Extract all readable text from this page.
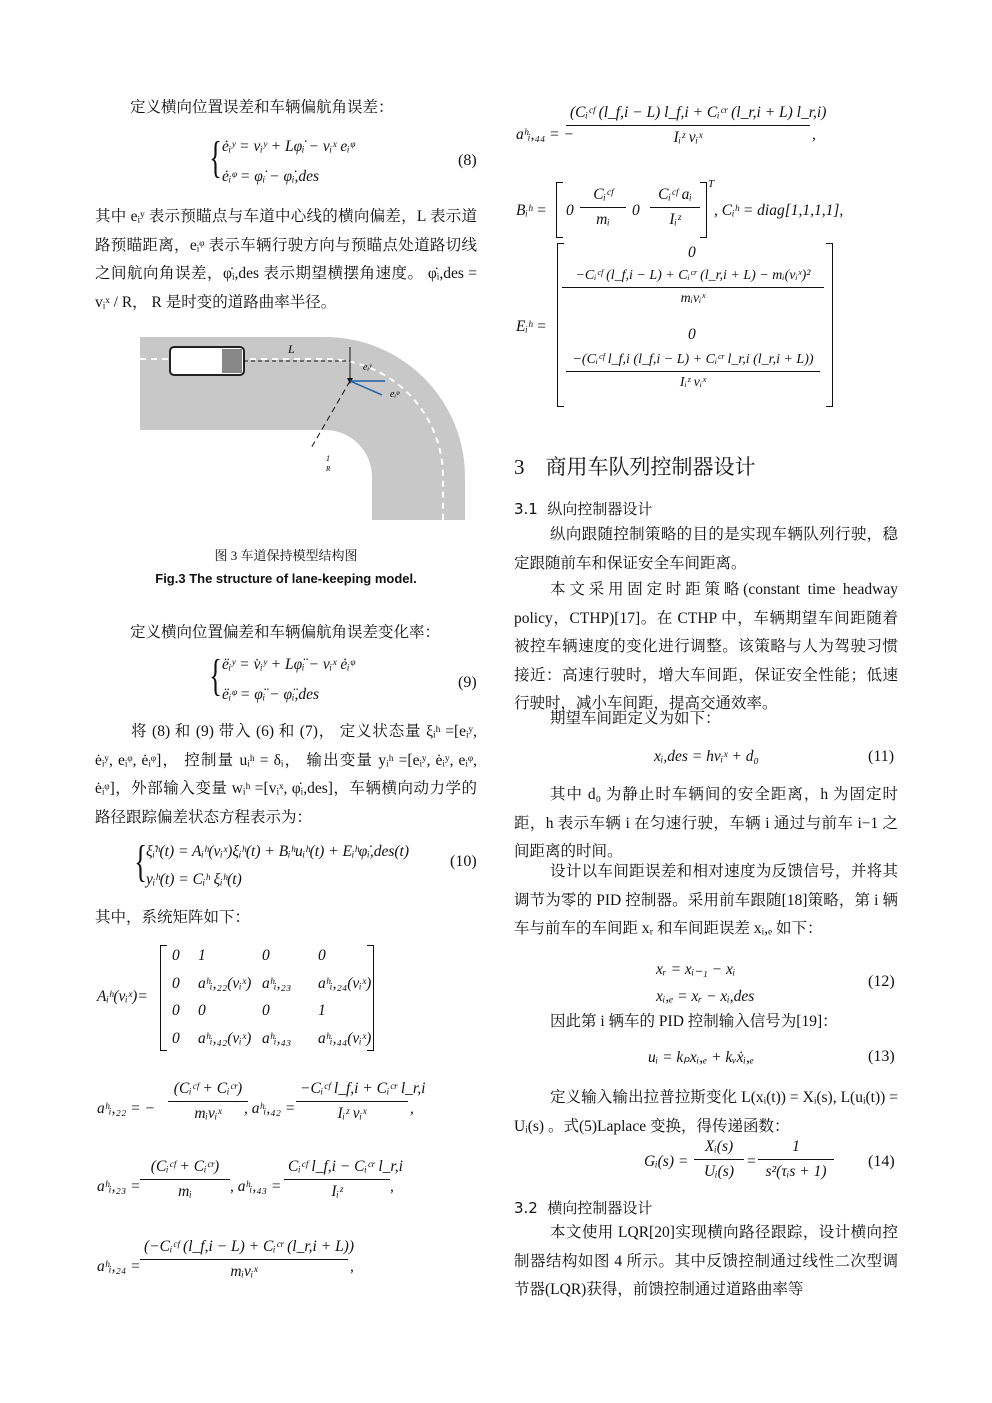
定义横向位置误差和车辆偏航角误差：
{ ėᵢʸ = vᵢʸ + Lφ̇ᵢ − vᵢˣ eᵢᵠ
ėᵢᵠ = φ̇ᵢ − φ̇ᵢ,des
(8)
其中 eᵢʸ 表示预瞄点与车道中心线的横向偏差，L 表示道路预瞄距离，eᵢᵠ 表示车辆行驶方向与预瞄点处道路切线之间航向角误差，φ̇ᵢ,des 表示期望横摆角速度。 φ̇ᵢ,des = vᵢˣ / R， R 是时变的道路曲率半径。
L
eᵢʸ
eᵢᵠ
1
R
图 3 车道保持模型结构图
Fig.3 The structure of lane-keeping model.
定义横向位置偏差和车辆偏航角误差变化率：
{ ëᵢʸ = v̇ᵢʸ + Lφ̈ᵢ − vᵢˣ ėᵢᵠ
ëᵢᵠ = φ̈ᵢ − φ̈ᵢ,des
(9)
将 (8) 和 (9) 带入 (6) 和 (7)， 定义状态量 ξᵢʰ =[eᵢʸ, ėᵢʸ, eᵢᵠ, ėᵢᵠ]， 控制量 uᵢʰ = δᵢ， 输出变量 yᵢʰ =[eᵢʸ, ėᵢʸ, eᵢᵠ, ėᵢᵠ]，外部输入变量 wᵢʰ =[vᵢˣ, φ̇ᵢ,des]，车辆横向动力学的路径跟踪偏差状态方程表示为：
{ ξ̇ᵢʰ(t) = Aᵢʰ(vᵢˣ)ξᵢʰ(t) + Bᵢʰuᵢʰ(t) + Eᵢʰφ̇ᵢ,des(t)
yᵢʰ(t) = Cᵢʰ ξᵢʰ(t)
(10)
其中，系统矩阵如下：
Aᵢʰ(vᵢˣ)=
0 1	0	0
0 aʰᵢ,₂₂(vᵢˣ) aʰᵢ,₂₃ aʰᵢ,₂₄(vᵢˣ)
0 0	0	1
0 aʰᵢ,₄₂(vᵢˣ) aʰᵢ,₄₃ aʰᵢ,₄₄(vᵢˣ)
aʰᵢ,₂₂ = −
(Cᵢᶜᶠ + Cᵢᶜʳ)
mᵢvᵢˣ	, aʰᵢ,₄₂ =
−Cᵢᶜᶠ l_f,i + Cᵢᶜʳ l_r,i
Iᵢᶻ vᵢˣ	,
aʰᵢ,₂₃ =
(Cᵢᶜᶠ + Cᵢᶜʳ)
mᵢ	, aʰᵢ,₄₃ =
Cᵢᶜᶠ l_f,i − Cᵢᶜʳ l_r,i
Iᵢᶻ	,
aʰᵢ,₂₄ =
(−Cᵢᶜᶠ (l_f,i − L) + Cᵢᶜʳ (l_r,i + L))
mᵢvᵢˣ	,
aʰᵢ,₄₄ = −
(Cᵢᶜᶠ (l_f,i − L) l_f,i + Cᵢᶜʳ (l_r,i + L) l_r,i)
Iᵢᶻ vᵢˣ	,
Bᵢʰ = 0
Cᵢᶜᶠ
mᵢ
0
Cᵢᶜᶠ aᵢ
Iᵢᶻ
T
, Cᵢʰ = diag[1,1,1,1],
Eᵢʰ =
0
−Cᵢᶜᶠ (l_f,i − L) + Cᵢᶜʳ (l_r,i + L) − mᵢ(vᵢˣ)²
mᵢvᵢˣ
0
−(Cᵢᶜᶠ l_f,i (l_f,i − L) + Cᵢᶜʳ l_r,i (l_r,i + L))
Iᵢᶻ vᵢˣ
3    商用车队列控制器设计
3.1  纵向控制器设计
纵向跟随控制策略的目的是实现车辆队列行驶，稳定跟随前车和保证安全车间距离。
本文采用固定时距策略(constant time headway policy，CTHP)[17]。在 CTHP 中，车辆期望车间距随着被控车辆速度的变化进行调整。该策略与人为驾驶习惯接近：高速行驶时，增大车间距，保证安全性能；低速行驶时，减小车间距，提高交通效率。
期望车间距定义为如下：
xᵢ,des = hvᵢˣ + d₀	(11)
其中 d₀ 为静止时车辆间的安全距离，h 为固定时距，h 表示车辆 i 在匀速行驶，车辆 i 通过与前车 i−1 之间距离的时间。
设计以车间距误差和相对速度为反馈信号，并将其调节为零的 PID 控制器。采用前车跟随[18]策略，第 i 辆车与前车的车间距 xᵣ 和车间距误差 xᵢ,ₑ 如下：
xᵣ = xᵢ₋₁ − xᵢ
xᵢ,ₑ = xᵣ − xᵢ,des
(12)
因此第 i 辆车的 PID 控制输入信号为[19]：
uᵢ = kₚxᵢ,ₑ + kᵥẋᵢ,ₑ	(13)
定义输入输出拉普拉斯变化 L(xᵢ(t)) = Xᵢ(s), L(uᵢ(t)) = Uᵢ(s) 。式(5)Laplace 变换，得传递函数：
Gᵢ(s) = $\frac{\text{Xᵢ(s)}}{\text{Uᵢ(s)}}$ =
1
s²(τᵢs + 1)
(14)
3.2  横向控制器设计
本文使用 LQR[20]实现横向路径跟踪，设计横向控制器结构如图 4 所示。其中反馈控制通过线性二次型调节器(LQR)获得，前馈控制通过道路曲率等
